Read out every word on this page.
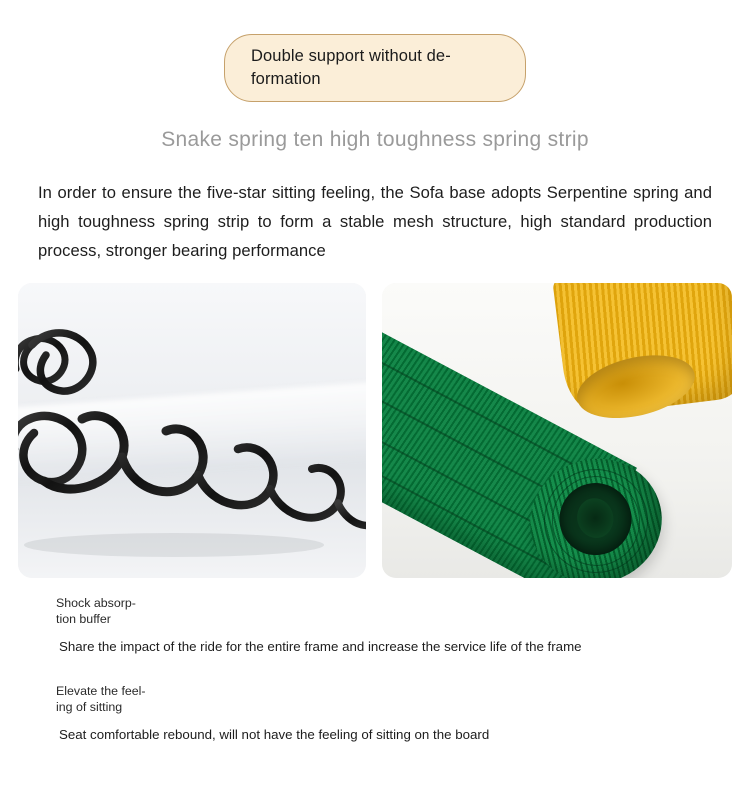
Double support without de-formation
Snake spring ten high toughness spring strip
In order to ensure the five-star sitting feeling, the Sofa base adopts Serpentine spring and high toughness spring strip to form a stable mesh structure, high standard production process, stronger bearing performance
Shock absorp-tion buffer
Share the impact of the ride for the entire frame and increase the service life of the frame
Elevate the feel-ing of sitting
Seat comfortable rebound, will not have the feeling of sitting on the board
